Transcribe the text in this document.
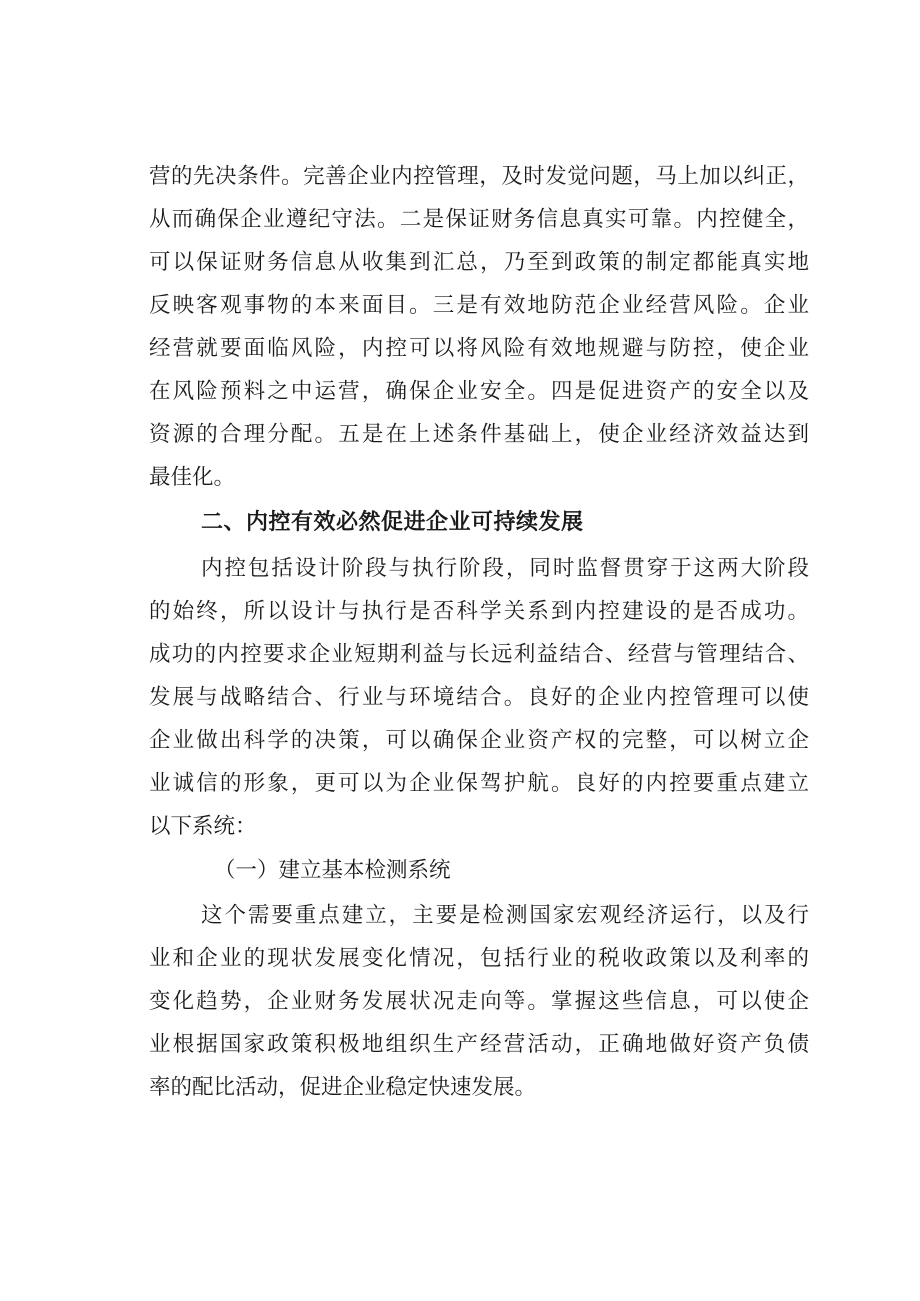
营的先决条件。完善企业内控管理，及时发觉问题，马上加以纠正，
从而确保企业遵纪守法。二是保证财务信息真实可靠。内控健全，
可以保证财务信息从收集到汇总，乃至到政策的制定都能真实地
反映客观事物的本来面目。三是有效地防范企业经营风险。企业
经营就要面临风险，内控可以将风险有效地规避与防控，使企业
在风险预料之中运营，确保企业安全。四是促进资产的安全以及
资源的合理分配。五是在上述条件基础上，使企业经济效益达到
最佳化。
二、内控有效必然促进企业可持续发展
内控包括设计阶段与执行阶段，同时监督贯穿于这两大阶段
的始终，所以设计与执行是否科学关系到内控建设的是否成功。
成功的内控要求企业短期利益与长远利益结合、经营与管理结合、
发展与战略结合、行业与环境结合。良好的企业内控管理可以使
企业做出科学的决策，可以确保企业资产权的完整，可以树立企
业诚信的形象，更可以为企业保驾护航。良好的内控要重点建立
以下系统：
（一）建立基本检测系统
这个需要重点建立，主要是检测国家宏观经济运行，以及行
业和企业的现状发展变化情况，包括行业的税收政策以及利率的
变化趋势，企业财务发展状况走向等。掌握这些信息，可以使企
业根据国家政策积极地组织生产经营活动，正确地做好资产负债
率的配比活动，促进企业稳定快速发展。
